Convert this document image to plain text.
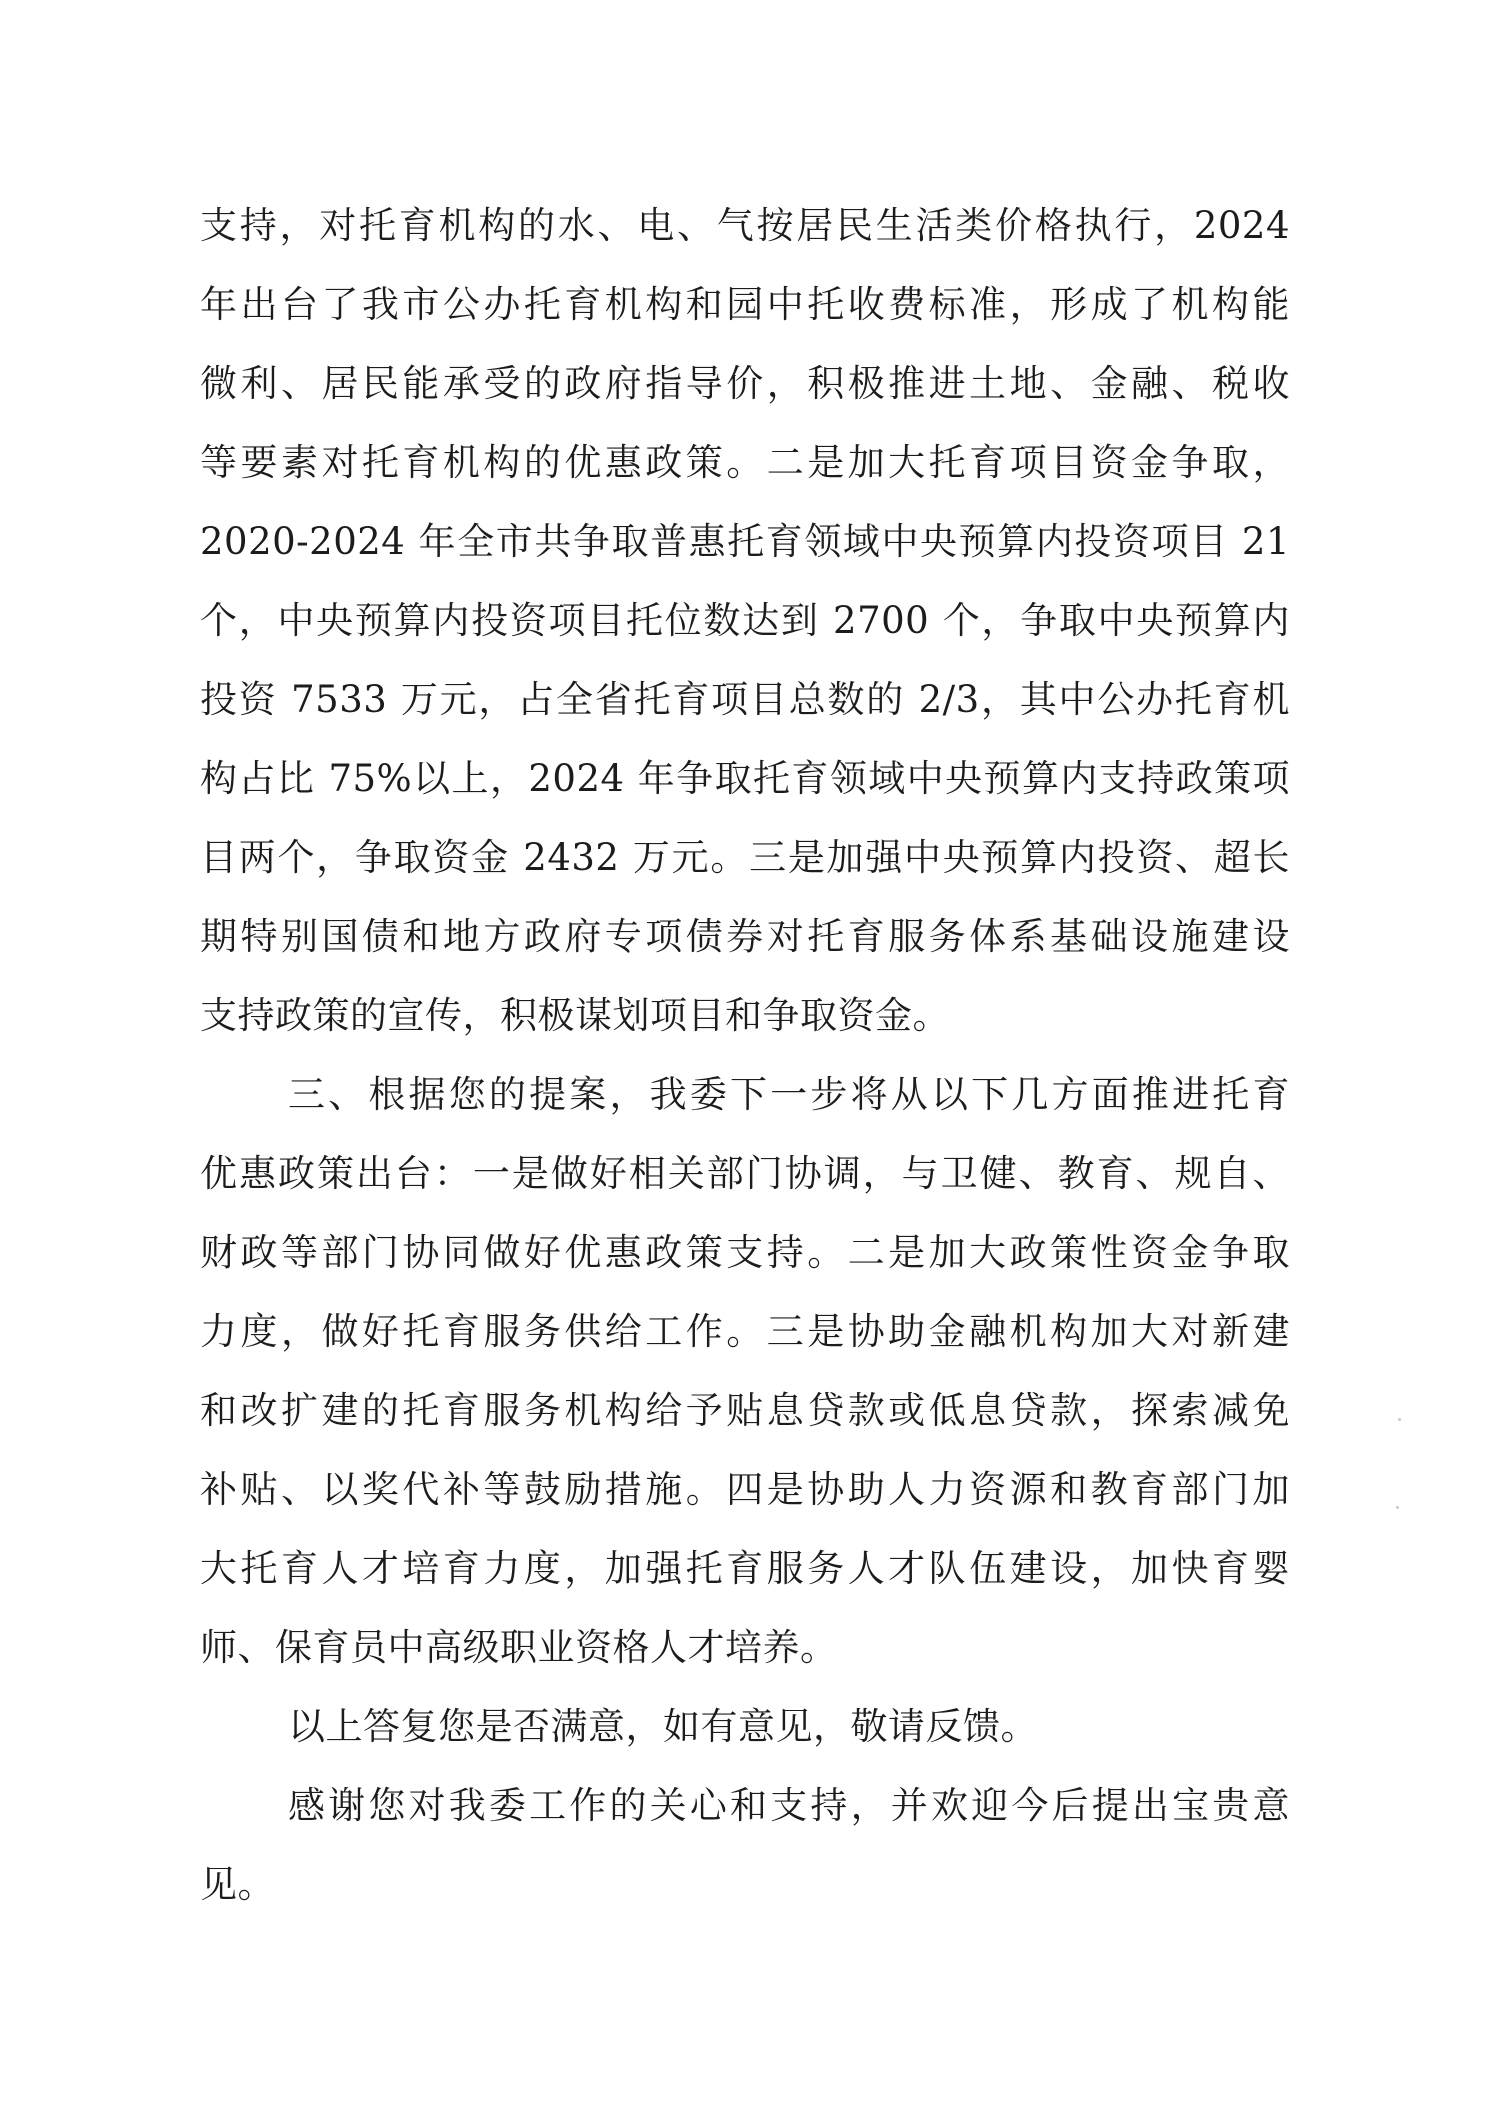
支持，对托育机构的水、电、气按居民生活类价格执行，2024
年出台了我市公办托育机构和园中托收费标准，形成了机构能
微利、居民能承受的政府指导价，积极推进土地、金融、税收
等要素对托育机构的优惠政策。二是加大托育项目资金争取，
2020-2024 年全市共争取普惠托育领域中央预算内投资项目 21
个，中央预算内投资项目托位数达到 2700 个，争取中央预算内
投资 7533 万元，占全省托育项目总数的 2/3，其中公办托育机
构占比 75%以上，2024 年争取托育领域中央预算内支持政策项
目两个，争取资金 2432 万元。三是加强中央预算内投资、超长
期特别国债和地方政府专项债券对托育服务体系基础设施建设
支持政策的宣传，积极谋划项目和争取资金。
三、根据您的提案，我委下一步将从以下几方面推进托育
优惠政策出台：一是做好相关部门协调，与卫健、教育、规自、
财政等部门协同做好优惠政策支持。二是加大政策性资金争取
力度，做好托育服务供给工作。三是协助金融机构加大对新建
和改扩建的托育服务机构给予贴息贷款或低息贷款，探索减免
补贴、以奖代补等鼓励措施。四是协助人力资源和教育部门加
大托育人才培育力度，加强托育服务人才队伍建设，加快育婴
师、保育员中高级职业资格人才培养。
以上答复您是否满意，如有意见，敬请反馈。
感谢您对我委工作的关心和支持，并欢迎今后提出宝贵意
见。
